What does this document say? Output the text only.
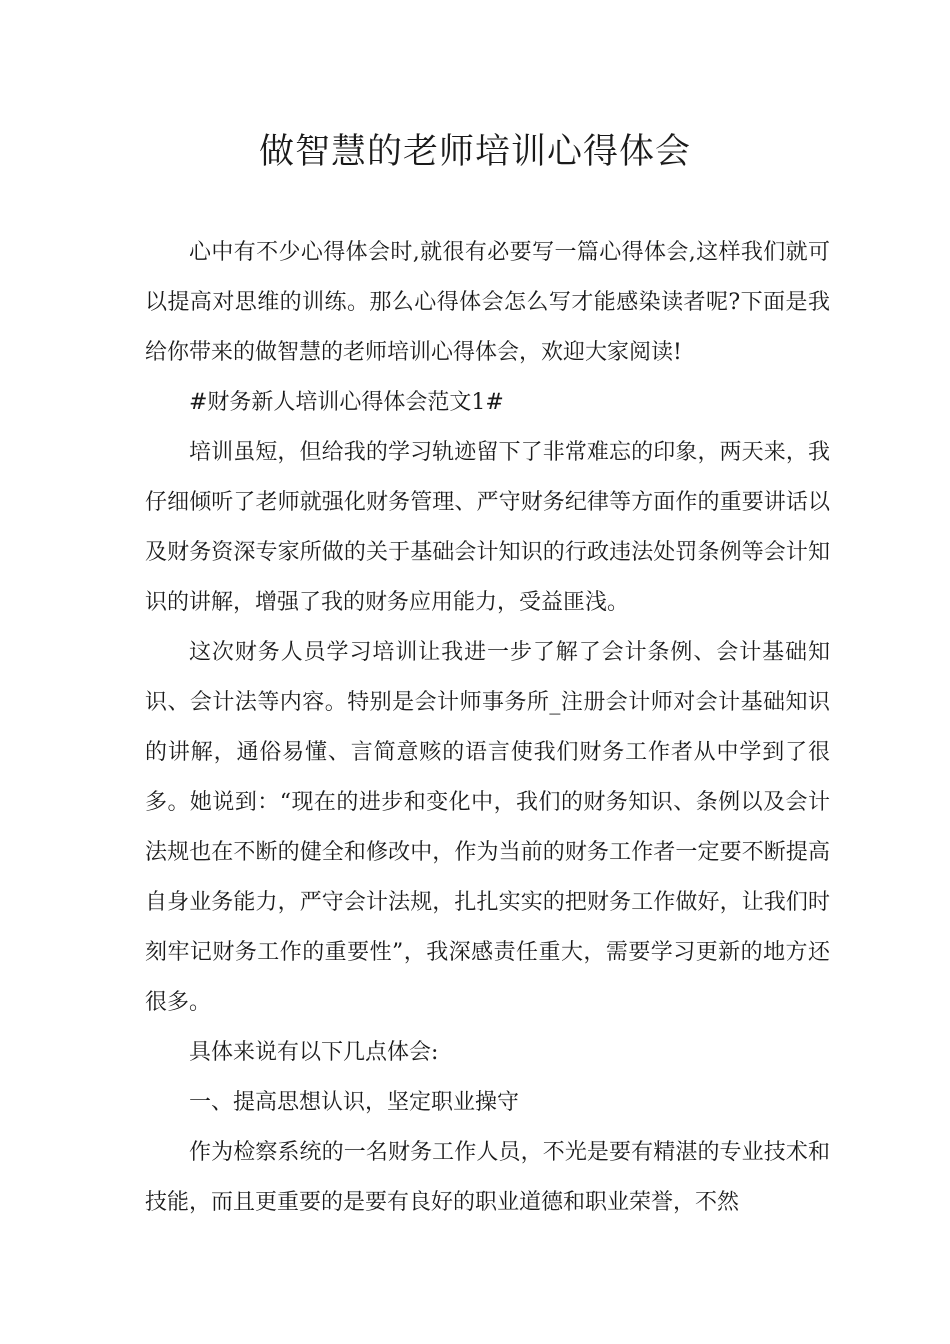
做智慧的老师培训心得体会

心中有不少心得体会时,就很有必要写一篇心得体会,这样我们就可以提高对思维的训练。那么心得体会怎么写才能感染读者呢?下面是我给你带来的做智慧的老师培训心得体会，欢迎大家阅读!

#财务新人培训心得体会范文1#

培训虽短，但给我的学习轨迹留下了非常难忘的印象，两天来，我仔细倾听了老师就强化财务管理、严守财务纪律等方面作的重要讲话以及财务资深专家所做的关于基础会计知识的行政违法处罚条例等会计知识的讲解，增强了我的财务应用能力，受益匪浅。

这次财务人员学习培训让我进一步了解了会计条例、会计基础知识、会计法等内容。特别是会计师事务所_注册会计师对会计基础知识的讲解，通俗易懂、言简意赅的语言使我们财务工作者从中学到了很多。她说到：“现在的进步和变化中，我们的财务知识、条例以及会计法规也在不断的健全和修改中，作为当前的财务工作者一定要不断提高自身业务能力，严守会计法规，扎扎实实的把财务工作做好，让我们时刻牢记财务工作的重要性”，我深感责任重大，需要学习更新的地方还很多。

具体来说有以下几点体会:

一、提高思想认识，坚定职业操守

作为检察系统的一名财务工作人员，不光是要有精湛的专业技术和技能，而且更重要的是要有良好的职业道德和职业荣誉，不然
